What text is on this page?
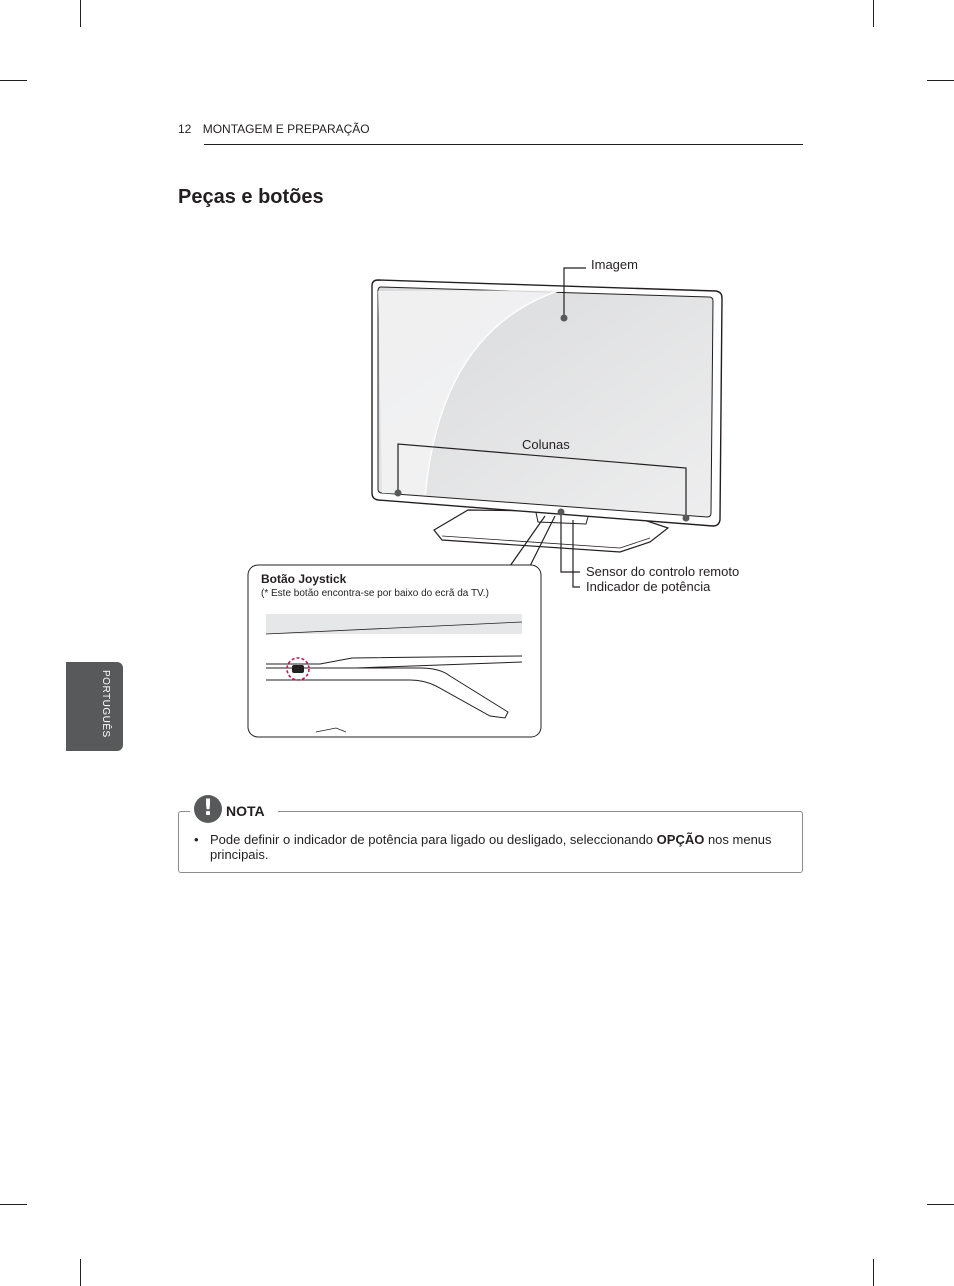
12 MONTAGEM E PREPARAÇÃO
Peças e botões
PORTUGUÊS
Imagem
Colunas
Sensor do controlo remoto
Indicador de potência
Botão Joystick
(* Este botão encontra-se por baixo do ecrã da TV.)
! NOTA
• Pode definir o indicador de potência para ligado ou desligado, seleccionando OPÇÃO nos menus principais.
